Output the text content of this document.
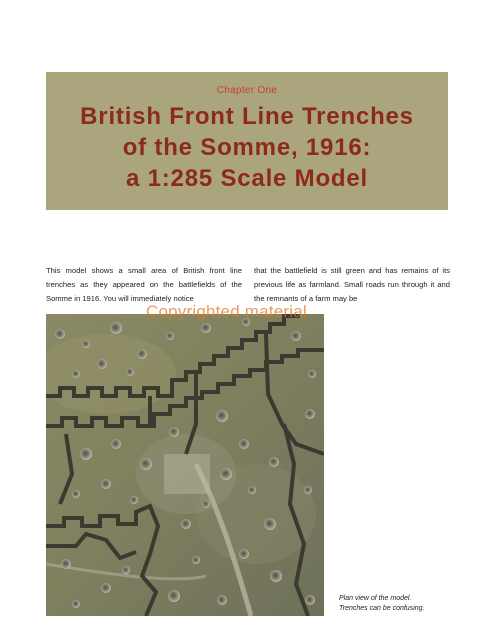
Chapter One
British Front Line Trenches
of the Somme, 1916:
a 1:285 Scale Model
This model shows a small area of British front line trenches as they appeared on the battlefields of the Somme in 1916. You will immediately notice
that the battlefield is still green and has remains of its previous life as farmland. Small roads run through it and the remnants of a farm may be
Copyrighted material
Plan view of the model.
Trenches can be confusing.
